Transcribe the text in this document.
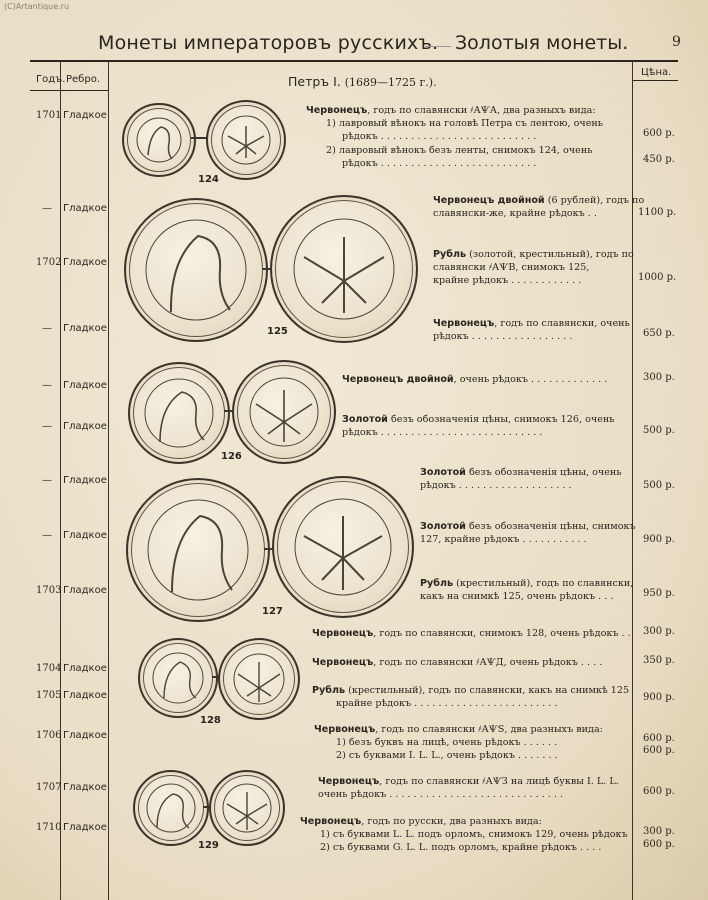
(C)Artantique.ru
Монеты императоровъ русскихъ. Золотыя монеты.	9
Годъ. Ребро.
Цѣна.
Петръ I. (1689—1725 г.).
1701 Гладкое
— Гладкое
1702 Гладкое
— Гладкое
— Гладкое
— Гладкое
— Гладкое
— Гладкое
1703 Гладкое
1704 Гладкое
1705 Гладкое
1706 Гладкое
1707 Гладкое
1710 Гладкое
124
125
126
127
128
129
Червонецъ, годъ по славянски ҂АѰА, два разныхъ вида:
1) лавровый вѣнокъ на головѣ Петра съ лентою, очень
рѣдокъ . . . . . . . . . . . . . . . . . . . . . . . . . .
2) лавровый вѣнокъ безъ ленты, снимокъ 124, очень
рѣдокъ . . . . . . . . . . . . . . . . . . . . . . . . . .
Червонецъ двойной (6 рублей), годъ по
славянски-же, крайне рѣдокъ . .
Рубль (золотой, крестильный), годъ по
славянски ҂АѰВ, снимокъ 125,
крайне рѣдокъ . . . . . . . . . . . .
Червонецъ, годъ по славянски, очень
рѣдокъ . . . . . . . . . . . . . . . . .
Червонецъ двойной, очень рѣдокъ . . . . . . . . . . . . .
Золотой безъ обозначенія цѣны, снимокъ 126, очень
рѣдокъ . . . . . . . . . . . . . . . . . . . . . . . . . . .
Золотой безъ обозначенія цѣны, очень
рѣдокъ . . . . . . . . . . . . . . . . . . .
Золотой безъ обозначенія цѣны, снимокъ
127, крайне рѣдокъ . . . . . . . . . . .
Рубль (крестильный), годъ по славянски,
какъ на снимкѣ 125, очень рѣдокъ . . .
Червонецъ, годъ по славянски, снимокъ 128, очень рѣдокъ . .
Червонецъ, годъ по славянски ҂АѰД, очень рѣдокъ . . . .
Рубль (крестильный), годъ по славянски, какъ на снимкѣ 125
крайне рѣдокъ . . . . . . . . . . . . . . . . . . . . . . . .
Червонецъ, годъ по славянски ҂АѰЅ, два разныхъ вида:
1) безъ буквъ на лицѣ, очень рѣдокъ . . . . . .
2) съ буквами I. L. L., очень рѣдокъ . . . . . . .
Червонецъ, годъ по славянски ҂АѰЗ на лицѣ буквы I. L. L.
очень рѣдокъ . . . . . . . . . . . . . . . . . . . . . . . . . . . . .
Червонецъ, годъ по русски, два разныхъ вида:
1) съ буквами L. L. подъ орломъ, снимокъ 129, очень рѣдокъ
2) съ буквами G. L. L. подъ орломъ, крайне рѣдокъ . . . .
600 р.
450 р.
1100 р.
1000 р.
650 р.
300 р.
500 р.
500 р.
900 р.
950 р.
300 р.
350 р.
900 р.
600 р.
600 р.
600 р.
300 р.
600 р.
